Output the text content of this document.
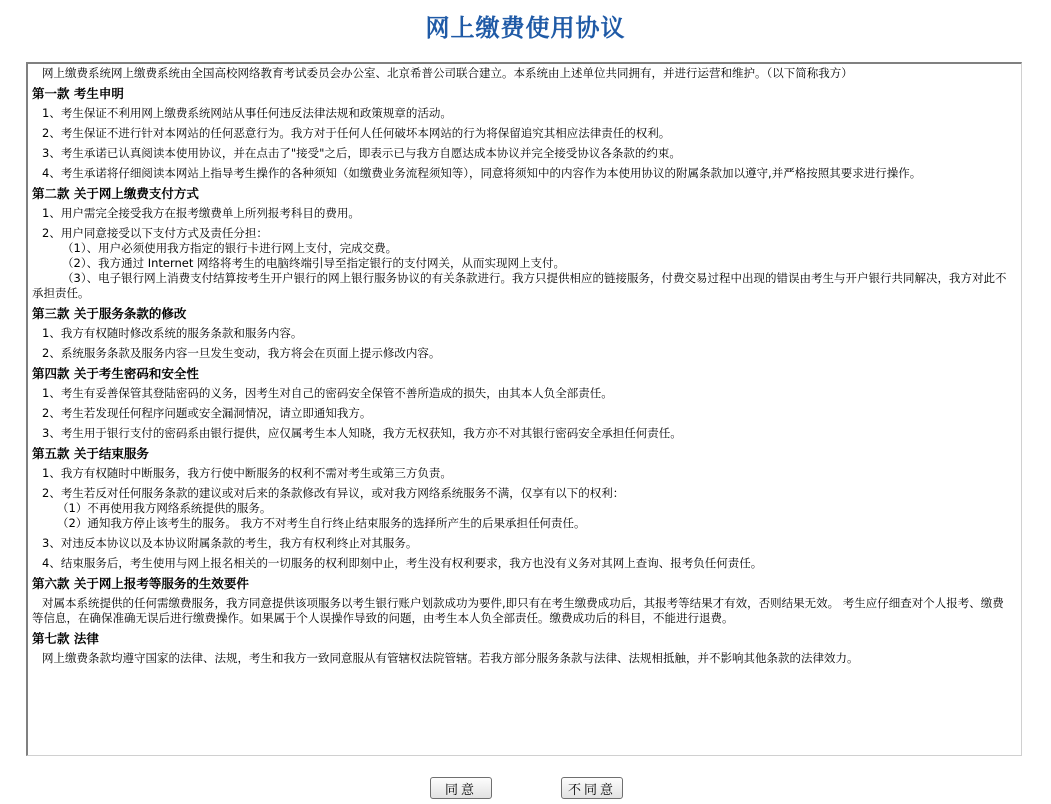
网上缴费使用协议

网上缴费系统网上缴费系统由全国高校网络教育考试委员会办公室、北京希普公司联合建立。本系统由上述单位共同拥有，并进行运营和维护。（以下简称我方）

第一款 考生申明

1、考生保证不利用网上缴费系统网站从事任何违反法律法规和政策规章的活动。

2、考生保证不进行针对本网站的任何恶意行为。我方对于任何人任何破坏本网站的行为将保留追究其相应法律责任的权利。

3、考生承诺已认真阅读本使用协议，并在点击了"接受"之后，即表示已与我方自愿达成本协议并完全接受协议各条款的约束。

4、考生承诺将仔细阅读本网站上指导考生操作的各种须知（如缴费业务流程须知等），同意将须知中的内容作为本使用协议的附属条款加以遵守,并严格按照其要求进行操作。

第二款 关于网上缴费支付方式

1、用户需完全接受我方在报考缴费单上所列报考科目的费用。

2、用户同意接受以下支付方式及责任分担：

（1）、用户必须使用我方指定的银行卡进行网上支付，完成交费。

（2）、我方通过 Internet 网络将考生的电脑终端引导至指定银行的支付网关，从而实现网上支付。

（3）、电子银行网上消费支付结算按考生开户银行的网上银行服务协议的有关条款进行。我方只提供相应的链接服务，付费交易过程中出现的错误由考生与开户银行共同解决，我方对此不承担责任。

第三款 关于服务条款的修改

1、我方有权随时修改系统的服务条款和服务内容。

2、系统服务条款及服务内容一旦发生变动，我方将会在页面上提示修改内容。

第四款 关于考生密码和安全性

1、考生有妥善保管其登陆密码的义务，因考生对自己的密码安全保管不善所造成的损失，由其本人负全部责任。

2、考生若发现任何程序问题或安全漏洞情况，请立即通知我方。

3、考生用于银行支付的密码系由银行提供，应仅属考生本人知晓，我方无权获知，我方亦不对其银行密码安全承担任何责任。

第五款 关于结束服务

1、我方有权随时中断服务，我方行使中断服务的权利不需对考生或第三方负责。

2、考生若反对任何服务条款的建议或对后来的条款修改有异议，或对我方网络系统服务不满，仅享有以下的权利：

（1）不再使用我方网络系统提供的服务。

（2）通知我方停止该考生的服务。 我方不对考生自行终止结束服务的选择所产生的后果承担任何责任。

3、对违反本协议以及本协议附属条款的考生，我方有权利终止对其服务。

4、结束服务后，考生使用与网上报名相关的一切服务的权利即刻中止，考生没有权利要求，我方也没有义务对其网上查询、报考负任何责任。

第六款 关于网上报考等服务的生效要件

对属本系统提供的任何需缴费服务，我方同意提供该项服务以考生银行账户划款成功为要件,即只有在考生缴费成功后，其报考等结果才有效，否则结果无效。 考生应仔细查对个人报考、缴费等信息，在确保准确无误后进行缴费操作。如果属于个人误操作导致的问题，由考生本人负全部责任。缴费成功后的科目，不能进行退费。

第七款 法律

网上缴费条款均遵守国家的法律、法规，考生和我方一致同意服从有管辖权法院管辖。若我方部分服务条款与法律、法规相抵触，并不影响其他条款的法律效力。

同意	不同意
